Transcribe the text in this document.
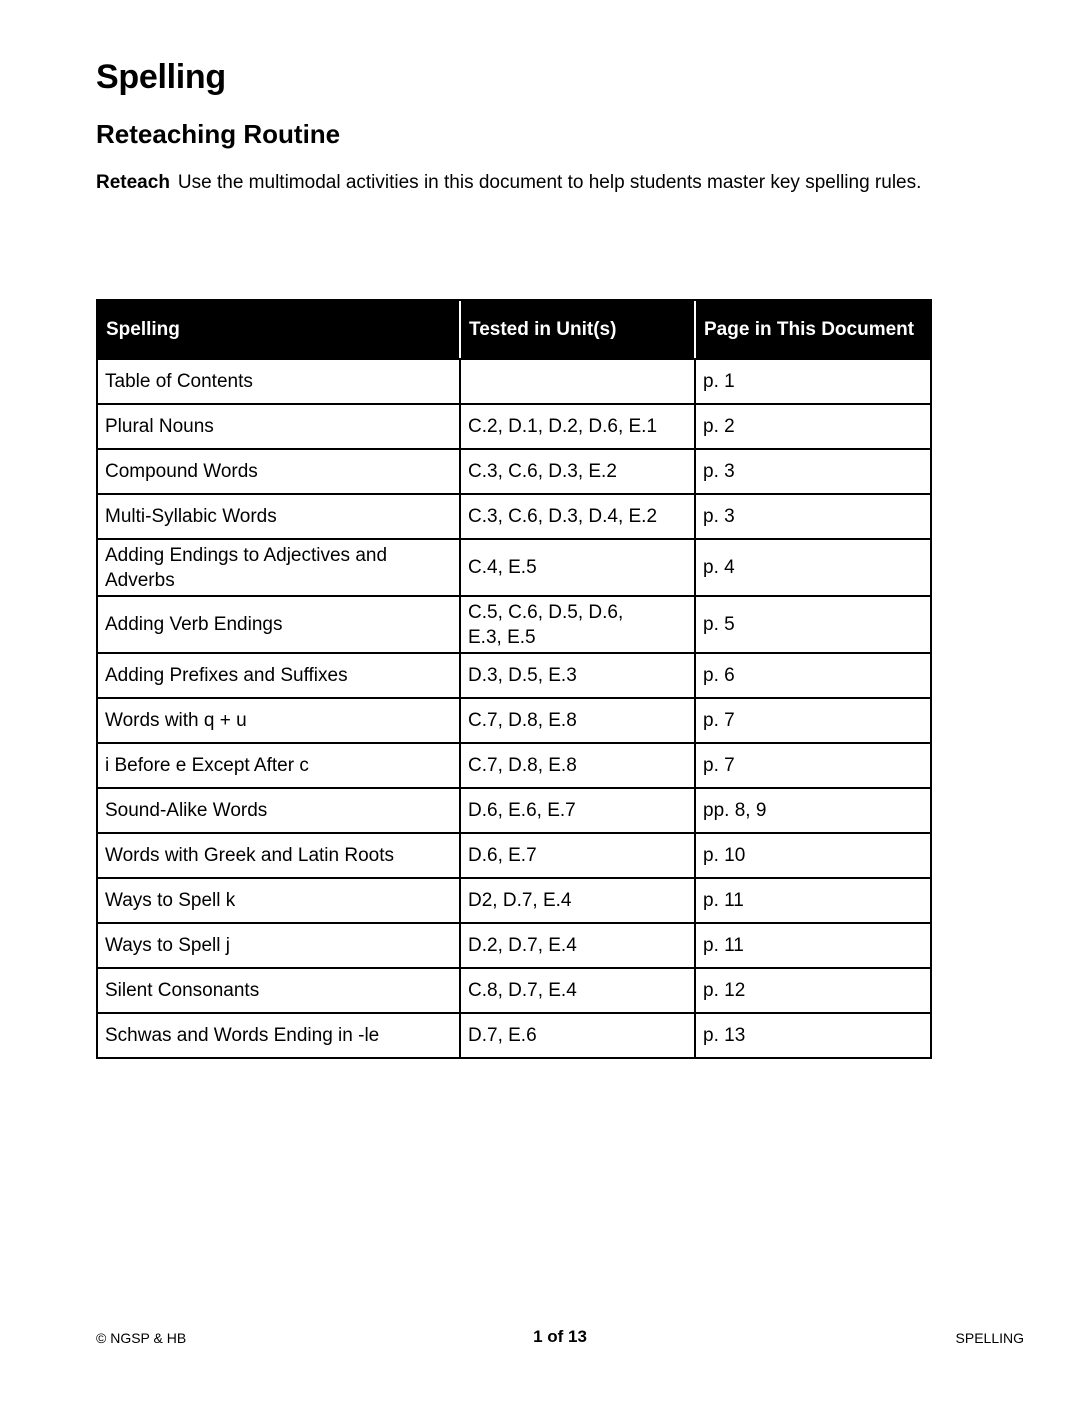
Spelling
Reteaching Routine

Reteach Use the multimodal activities in this document to help students master key spelling rules.

Spelling	Tested in Unit(s)	Page in This Document
Table of Contents		p. 1
Plural Nouns	C.2, D.1, D.2, D.6, E.1	p. 2
Compound Words	C.3, C.6, D.3, E.2	p. 3
Multi-Syllabic Words	C.3, C.6, D.3, D.4, E.2	p. 3
Adding Endings to Adjectives and Adverbs	C.4, E.5	p. 4
Adding Verb Endings	C.5, C.6, D.5, D.6, E.3, E.5	p. 5
Adding Prefixes and Suffixes	D.3, D.5, E.3	p. 6
Words with q + u	C.7, D.8, E.8	p. 7
i Before e Except After c	C.7, D.8, E.8	p. 7
Sound-Alike Words	D.6, E.6, E.7	pp. 8, 9
Words with Greek and Latin Roots	D.6, E.7	p. 10
Ways to Spell k	D2, D.7, E.4	p. 11
Ways to Spell j	D.2, D.7, E.4	p. 11
Silent Consonants	C.8, D.7, E.4	p. 12
Schwas and Words Ending in -le	D.7, E.6	p. 13
© NGSP & HB	1 of 13	SPELLING
